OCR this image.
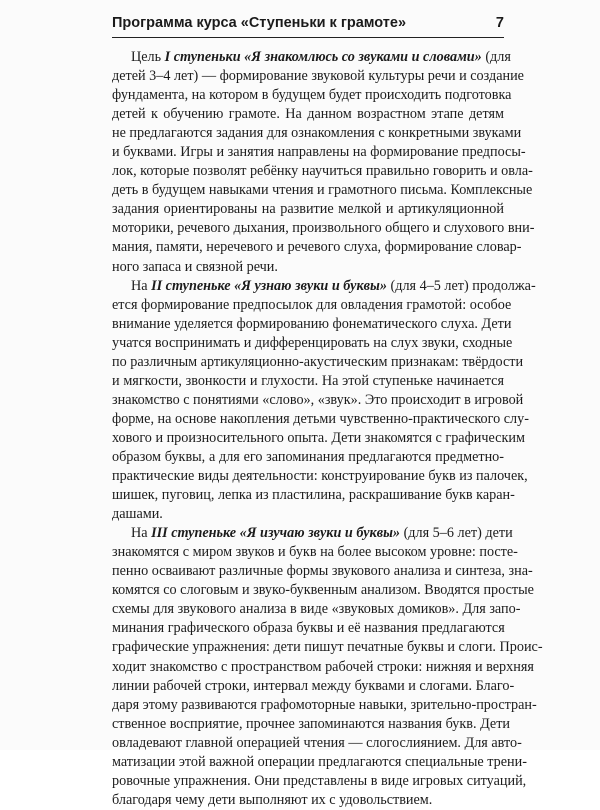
Программа курса «Ступеньки к грамоте»	7

Цель I ступеньки «Я знакомлюсь со звуками и словами» (для
детей 3–4 лет) — формирование звуковой культуры речи и создание
фундамента, на котором в будущем будет происходить подготовка
детей к обучению грамоте. На данном возрастном этапе детям
не предлагаются задания для ознакомления с конкретными звуками
и буквами. Игры и занятия направлены на формирование предпосы-
лок, которые позволят ребёнку научиться правильно говорить и овла-
деть в будущем навыками чтения и грамотного письма. Комплексные
задания ориентированы на развитие мелкой и артикуляционной
моторики, речевого дыхания, произвольного общего и слухового вни-
мания, памяти, неречевого и речевого слуха, формирование словар-
ного запаса и связной речи.

На II ступеньке «Я узнаю звуки и буквы» (для 4–5 лет) продолжа-
ется формирование предпосылок для овладения грамотой: особое
внимание уделяется формированию фонематического слуха. Дети
учатся воспринимать и дифференцировать на слух звуки, сходные
по различным артикуляционно-акустическим признакам: твёрдости
и мягкости, звонкости и глухости. На этой ступеньке начинается
знакомство с понятиями «слово», «звук». Это происходит в игровой
форме, на основе накопления детьми чувственно-практического слу-
хового и произносительного опыта. Дети знакомятся с графическим
образом буквы, а для его запоминания предлагаются предметно-
практические виды деятельности: конструирование букв из палочек,
шишек, пуговиц, лепка из пластилина, раскрашивание букв каран-
дашами.

На III ступеньке «Я изучаю звуки и буквы» (для 5–6 лет) дети
знакомятся с миром звуков и букв на более высоком уровне: посте-
пенно осваивают различные формы звукового анализа и синтеза, зна-
комятся со слоговым и звуко-буквенным анализом. Вводятся простые
схемы для звукового анализа в виде «звуковых домиков». Для запо-
минания графического образа буквы и её названия предлагаются
графические упражнения: дети пишут печатные буквы и слоги. Проис-
ходит знакомство с пространством рабочей строки: нижняя и верхняя
линии рабочей строки, интервал между буквами и слогами. Благо-
даря этому развиваются графомоторные навыки, зрительно-простран-
ственное восприятие, прочнее запоминаются названия букв. Дети
овладевают главной операцией чтения — слогослиянием. Для авто-
матизации этой важной операции предлагаются специальные трени-
ровочные упражнения. Они представлены в виде игровых ситуаций,
благодаря чему дети выполняют их с удовольствием.
